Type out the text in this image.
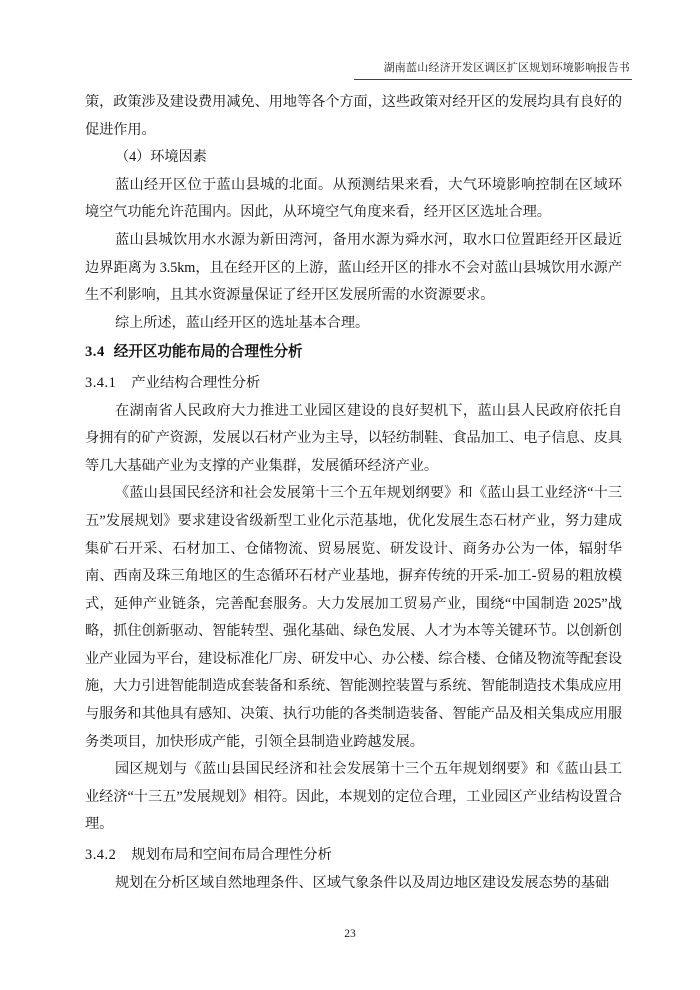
湖南蓝山经济开发区调区扩区规划环境影响报告书

策，政策涉及建设费用减免、用地等各个方面，这些政策对经开区的发展均具有良好的促进作用。

（4）环境因素

蓝山经开区位于蓝山县城的北面。从预测结果来看，大气环境影响控制在区域环境空气功能允许范围内。因此，从环境空气角度来看，经开区区选址合理。

蓝山县城饮用水水源为新田湾河，备用水源为舜水河，取水口位置距经开区最近边界距离为 3.5km，且在经开区的上游，蓝山经开区的排水不会对蓝山县城饮用水源产生不利影响，且其水资源量保证了经开区发展所需的水资源要求。

综上所述，蓝山经开区的选址基本合理。

3.4 经开区功能布局的合理性分析

3.4.1 产业结构合理性分析

在湖南省人民政府大力推进工业园区建设的良好契机下，蓝山县人民政府依托自身拥有的矿产资源，发展以石材产业为主导，以轻纺制鞋、食品加工、电子信息、皮具等几大基础产业为支撑的产业集群，发展循环经济产业。

《蓝山县国民经济和社会发展第十三个五年规划纲要》和《蓝山县工业经济“十三五”发展规划》要求建设省级新型工业化示范基地，优化发展生态石材产业，努力建成集矿石开采、石材加工、仓储物流、贸易展览、研发设计、商务办公为一体，辐射华南、西南及珠三角地区的生态循环石材产业基地，摒弃传统的开采-加工-贸易的粗放模式，延伸产业链条，完善配套服务。大力发展加工贸易产业，围绕“中国制造 2025”战略，抓住创新驱动、智能转型、强化基础、绿色发展、人才为本等关键环节。以创新创业产业园为平台，建设标准化厂房、研发中心、办公楼、综合楼、仓储及物流等配套设施，大力引进智能制造成套装备和系统、智能测控装置与系统、智能制造技术集成应用与服务和其他具有感知、决策、执行功能的各类制造装备、智能产品及相关集成应用服务类项目，加快形成产能，引领全县制造业跨越发展。

园区规划与《蓝山县国民经济和社会发展第十三个五年规划纲要》和《蓝山县工业经济“十三五”发展规划》相符。因此，本规划的定位合理，工业园区产业结构设置合理。

3.4.2 规划布局和空间布局合理性分析

规划在分析区域自然地理条件、区域气象条件以及周边地区建设发展态势的基础

23
